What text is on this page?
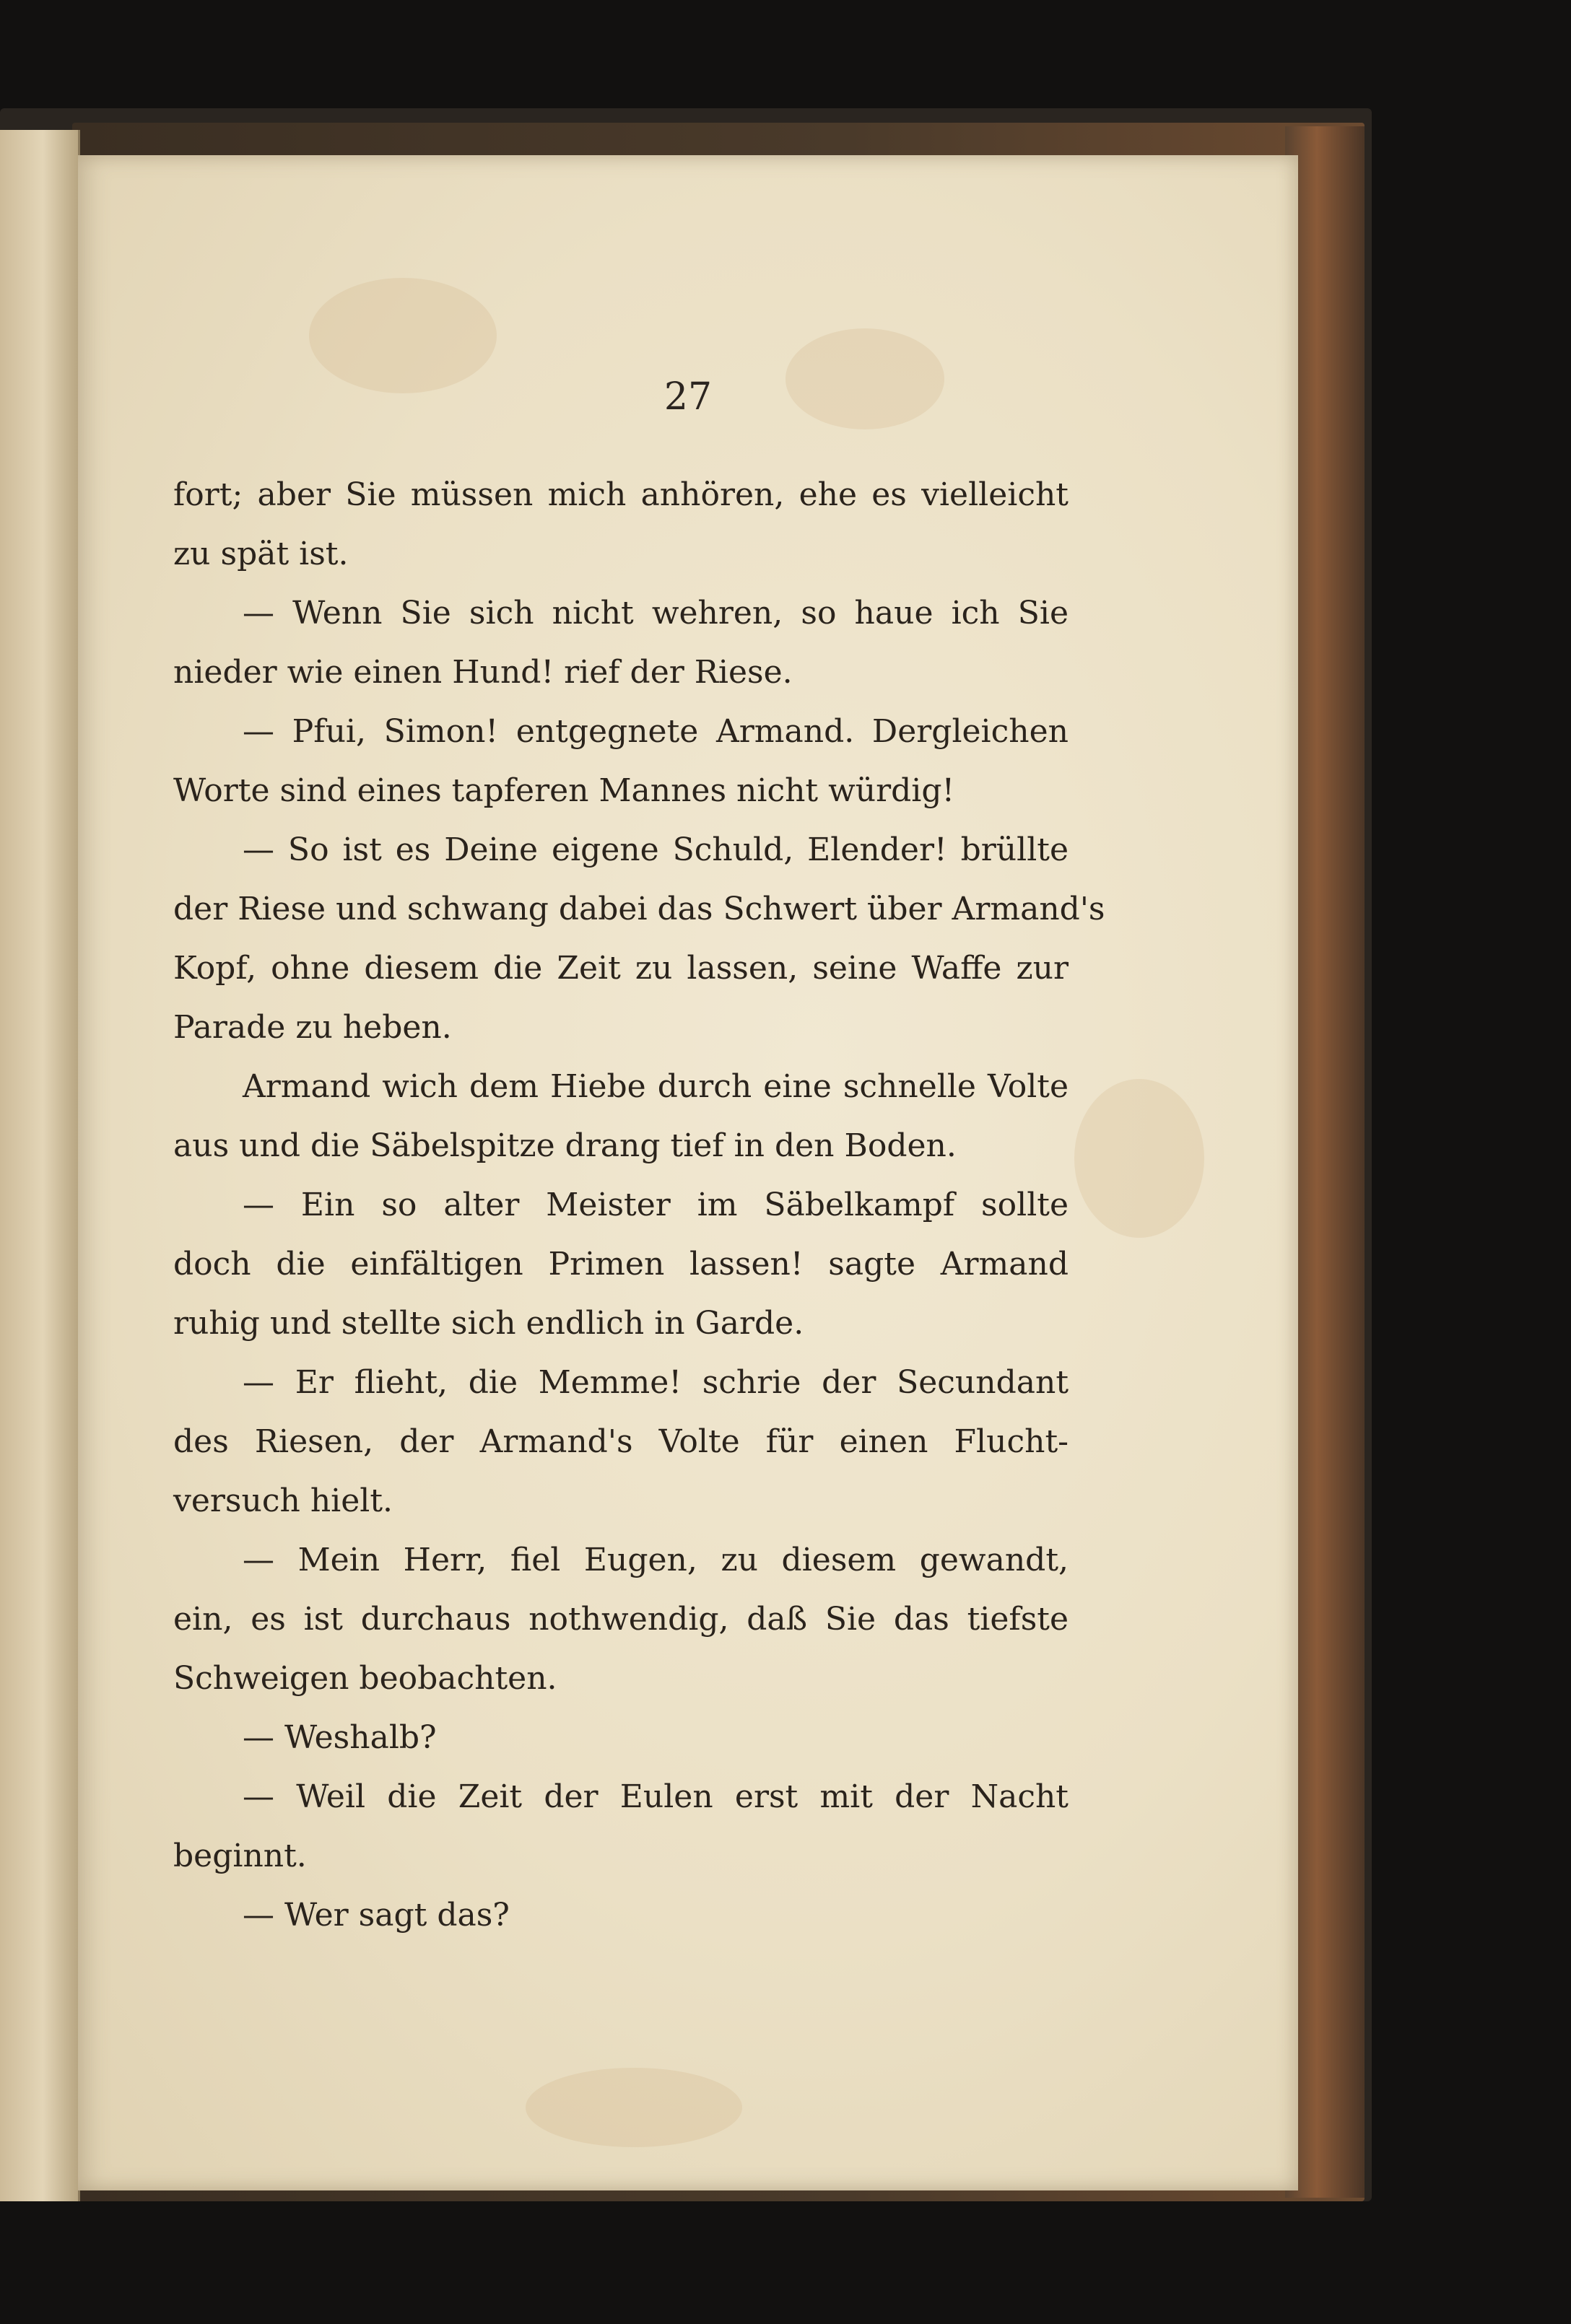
27
fort; aber Sie müssen mich anhören, ehe es vielleicht
zu spät ist.
— Wenn Sie sich nicht wehren, so haue ich Sie
nieder wie einen Hund! rief der Riese.
— Pfui, Simon! entgegnete Armand. Dergleichen
Worte sind eines tapferen Mannes nicht würdig!
— So ist es Deine eigene Schuld, Elender! brüllte
der Riese und schwang dabei das Schwert über Armand's
Kopf, ohne diesem die Zeit zu lassen, seine Waffe zur
Parade zu heben.
Armand wich dem Hiebe durch eine schnelle Volte
aus und die Säbelspitze drang tief in den Boden.
— Ein so alter Meister im Säbelkampf sollte
doch die einfältigen Primen lassen! sagte Armand
ruhig und stellte sich endlich in Garde.
— Er flieht, die Memme! schrie der Secundant
des Riesen, der Armand's Volte für einen Flucht-
versuch hielt.
— Mein Herr, fiel Eugen, zu diesem gewandt,
ein, es ist durchaus nothwendig, daß Sie das tiefste
Schweigen beobachten.
— Weshalb?
— Weil die Zeit der Eulen erst mit der Nacht
beginnt.
— Wer sagt das?
